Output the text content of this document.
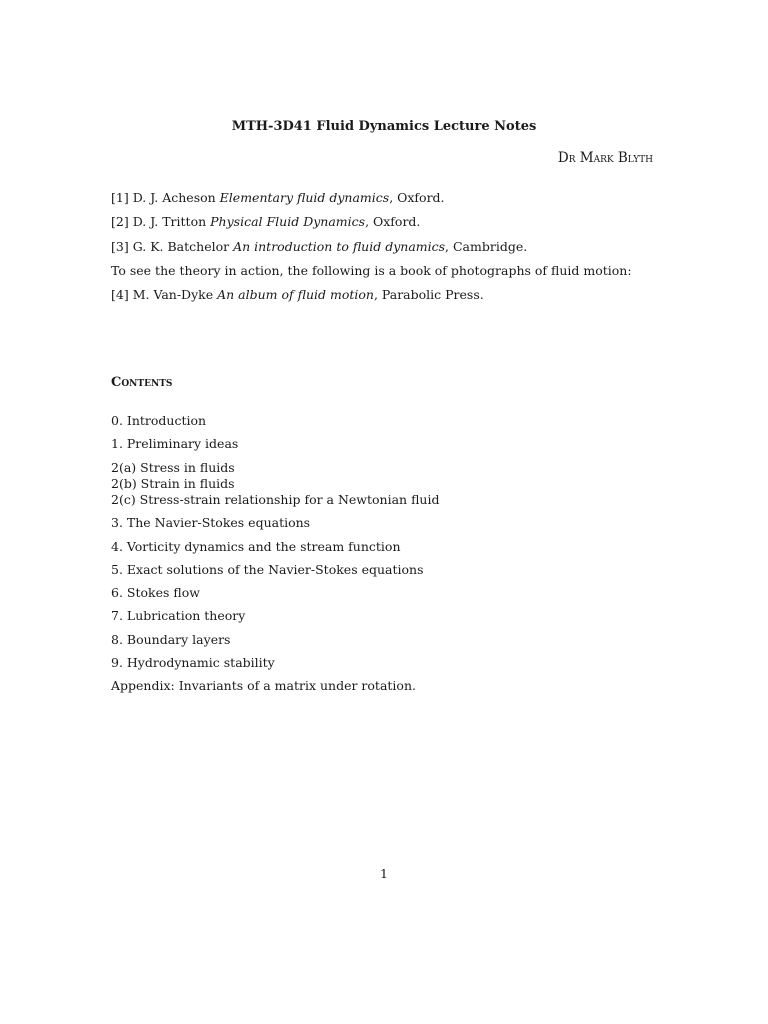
MTH-3D41 Fluid Dynamics Lecture Notes

Dr Mark Blyth

[1] D. J. Acheson Elementary fluid dynamics, Oxford.

[2] D. J. Tritton Physical Fluid Dynamics, Oxford.

[3] G. K. Batchelor An introduction to fluid dynamics, Cambridge.

To see the theory in action, the following is a book of photographs of fluid motion:

[4] M. Van-Dyke An album of fluid motion, Parabolic Press.

Contents
0. Introduction
1. Preliminary ideas
2(a) Stress in fluids
2(b) Strain in fluids
2(c) Stress-strain relationship for a Newtonian fluid
3. The Navier-Stokes equations
4. Vorticity dynamics and the stream function
5. Exact solutions of the Navier-Stokes equations
6. Stokes flow
7. Lubrication theory
8. Boundary layers
9. Hydrodynamic stability
Appendix: Invariants of a matrix under rotation.

1
